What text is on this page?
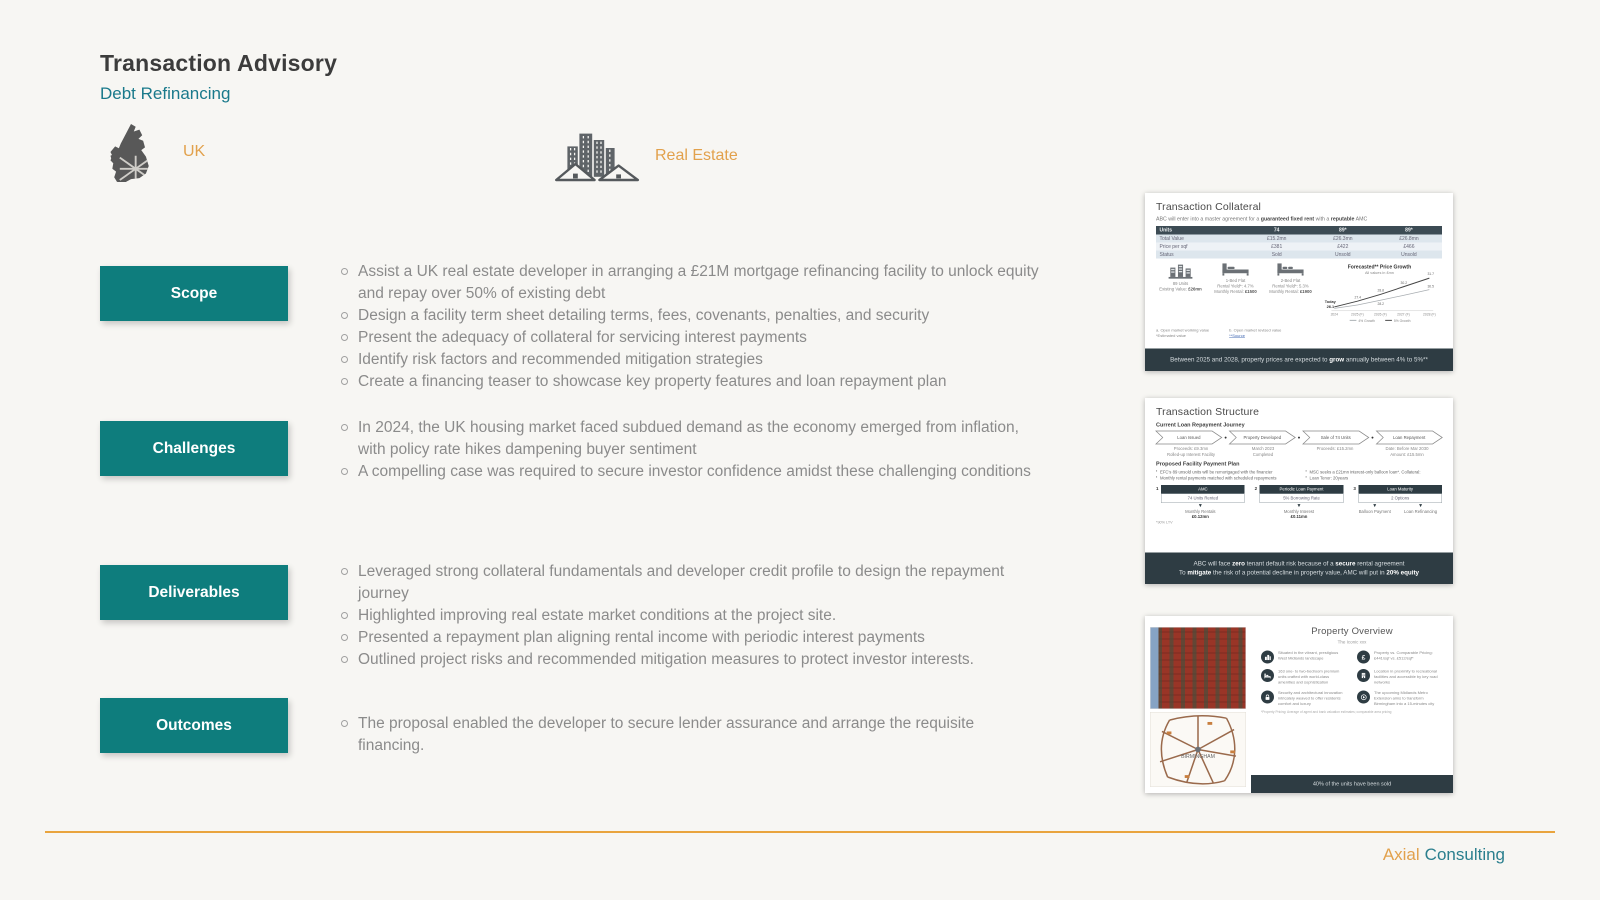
Transaction Advisory
Debt Refinancing
UK	Real Estate
Scope
Assist a UK real estate developer in arranging a £21M mortgage refinancing facility to unlock equity and repay over 50% of existing debt
Design a facility term sheet detailing terms, fees, covenants, penalties, and security
Present the adequacy of collateral for servicing interest payments
Identify risk factors and recommended mitigation strategies
Create a financing teaser to showcase key property features and loan repayment plan
Challenges
In 2024, the UK housing market faced subdued demand as the economy emerged from inflation, with policy rate hikes dampening buyer sentiment
A compelling case was required to secure investor confidence amidst these challenging conditions
Deliverables
Leveraged strong collateral fundamentals and developer credit profile to design the repayment journey
Highlighted improving real estate market conditions at the project site.
Presented a repayment plan aligning rental income with periodic interest payments
Outlined project risks and recommended mitigation measures to protect investor interests.
Outcomes	The proposal enabled the developer to secure lender assurance and arrange the requisite financing.
Transaction Collateral
ABC will enter into a master agreement for a guaranteed fixed rent with a reputable AMC
Units	74	89*	89*
Total Value	£15.2mn	£26.3mn	£26.8mn
Price per sqf	£381	£422	£466
Status	Sold	Unsold	Unsold
89 Units
Existing Value: £26mn
1-Bed Flat
Rental Yield*: 4.7%
Monthly Rental: £1500
2-Bed Flat
Rental Yield*: 5.3%
Monthly Rental: £1900
Forecasted** Price Growth
All values in £mn
Today
26.1
27.4
28.8
30.2
31.7
28.2
30.5
2024 2025 (F) 2026 (F) 2027 (F) 2028 (F)
4% Growth	5% Growth
a. Open market working value
*Estimated value
b. Open market revised value
**Source
Between 2025 and 2028, property prices are expected to grow annually between 4% to 5%**
Transaction Structure
Current Loan Repayment Journey
Loan Issued	●	Property Developed	●	Sale of 74 Units	●	Loan Repayment
Proceeds: £9.3mn
Rolled-up Interest Facility
March 2023
Completed
Proceeds: £15.2mn	Date: Before Mar 2030
Amount: £15.5mn
Proposed Facility Payment Plan
▪ EFC's 89 unsold units will be remortgaged with the financier
▪ Monthly rental payments matched with scheduled repayments
▪ MSC seeks a £21mn interest-only balloon loan*. Collateral:
▪ Loan Tenor: 20years
1	AMC
74 Units Rented
▼
Monthly Rentals
£0.12mn
2	Periodic Loan Payment
5% Borrowing Rate
▼
Monthly Interest
£0.11mn
3	Loan Maturity
2 Options
▼
Balloon Payment
▼
Loan Refinancing
*90% LTV
ABC will face zero tenant default risk because of a secure rental agreement
To mitigate the risk of a potential decline in property value, AMC will put in 20% equity
BIRMINGHAM
Property Overview
The Iconic xxx

Situated in the vibrant, prestigious West Midlands landscape	£

Property vs. Comparable Pricing: £441/sqf vs. £512/sqf*

163 one- to two-bedroom premium units crafted with world-class amenities and sophistication

Location in proximity to recreational facilities and accessible by key road networks

Security and architectural innovation intricately weaved to offer residents comfort and luxury

The upcoming Midlands Metro Extension aims to transform Birmingham into a 15-minutes city

*Property Pricing: Average of agent and bank valuation estimates; comparable area pricing
40% of the units have been sold
Axial Consulting
